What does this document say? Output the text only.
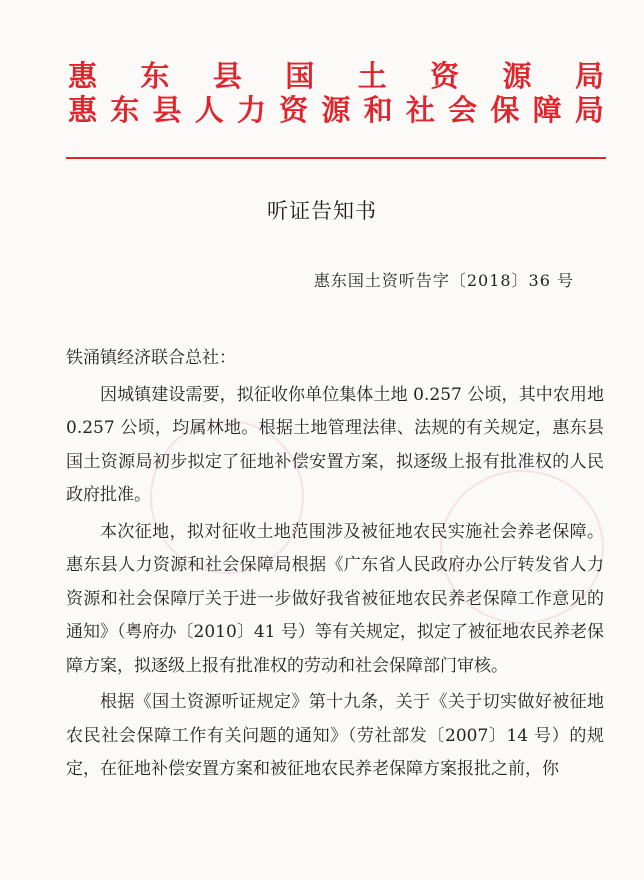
惠 东 县 国 土 资 源 局
惠 东 县 人 力 资 源 和 社 会 保 障 局
听证告知书
惠东国土资听告字〔2018〕36 号

铁涌镇经济联合总社：

因城镇建设需要，拟征收你单位集体土地 0.257 公顷，其中农用地 0.257 公顷，均属林地。根据土地管理法律、法规的有关规定，惠东县国土资源局初步拟定了征地补偿安置方案，拟逐级上报有批准权的人民政府批准。

本次征地，拟对征收土地范围涉及被征地农民实施社会养老保障。惠东县人力资源和社会保障局根据《广东省人民政府办公厅转发省人力资源和社会保障厅关于进一步做好我省被征地农民养老保障工作意见的通知》（粤府办〔2010〕41 号）等有关规定，拟定了被征地农民养老保障方案，拟逐级上报有批准权的劳动和社会保障部门审核。

根据《国土资源听证规定》第十九条，关于《关于切实做好被征地农民社会保障工作有关问题的通知》（劳社部发〔2007〕14 号）的规定，在征地补偿安置方案和被征地农民养老保障方案报批之前，你
